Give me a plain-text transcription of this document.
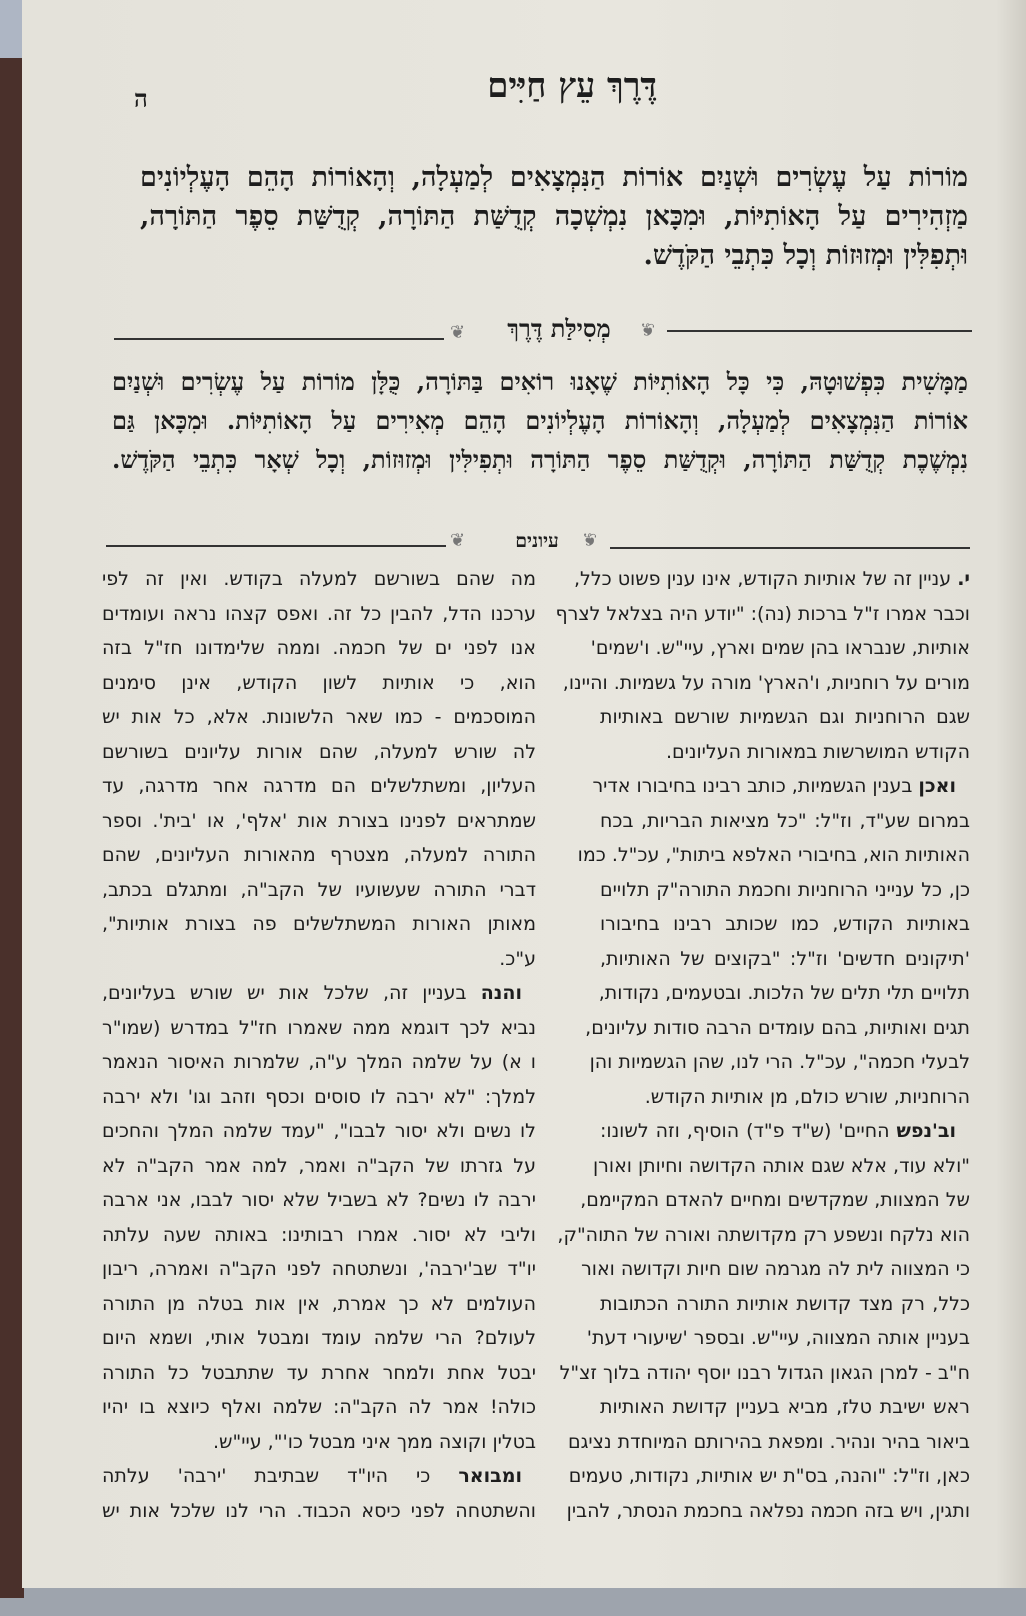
ה	דֶּרֶךְ עֵץ חַיִּים
מוֹרוֹת עַל עֶשְׂרִים וּשְׁנַיִם אוֹרוֹת הַנִּמְצָאִים לְמַעְלָה, וְהָאוֹרוֹת הָהֵם הָעֶלְיוֹנִים
מַזְהִירִים עַל הָאוֹתִיּוֹת, וּמִכָּאן נִמְשְׁכָה קְדֻשַּׁת הַתּוֹרָה, קְדֻשַּׁת סֵפֶר הַתּוֹרָה,
וּתְפִלִּין וּמְזוּזוֹת וְכָל כִּתְבֵי הַקֹּדֶשׁ.
❦	מְסִילַּת דֶּרֶךְ	❦
מַמָּשִׁית כִּפְשׁוּטָהּ, כִּי כָּל הָאוֹתִיּוֹת שֶׁאָנוּ רוֹאִים בַּתּוֹרָה, כֻּלָּן מוֹרוֹת עַל עֶשְׂרִים וּשְׁנַיִם
אוֹרוֹת הַנִּמְצָאִים לְמַעְלָה, וְהָאוֹרוֹת הָעֶלְיוֹנִים הָהֵם מְאִירִים עַל הָאוֹתִיּוֹת. וּמִכָּאן גַּם
נִמְשֶׁכֶת קְדֻשַּׁת הַתּוֹרָה, וּקְדֻשַּׁת סֵפֶר הַתּוֹרָה וּתְפִילִּין וּמְזוּזוֹת, וְכָל שְׁאָר כִּתְבֵי הַקֹּדֶשׁ.
❦	עיונים	❦
י. עניין זה של אותיות הקודש, אינו ענין פשוט כלל,
וכבר אמרו ז"ל ברכות (נה): "יודע היה בצלאל לצרף
אותיות, שנבראו בהן שמים וארץ, עיי"ש. ו'שמים'
מורים על רוחניות, ו'הארץ' מורה על גשמיות. והיינו,
שגם הרוחניות וגם הגשמיות שורשם באותיות
הקודש המושרשות במאורות העליונים.
ואכן בענין הגשמיות, כותב רבינו בחיבורו אדיר
במרום שע"ד, וז"ל: "כל מציאות הבריות, בכח
האותיות הוא, בחיבורי האלפא ביתות", עכ"ל. כמו
כן, כל ענייני הרוחניות וחכמת התורה"ק תלויים
באותיות הקודש, כמו שכותב רבינו בחיבורו
'תיקונים חדשים' וז"ל: "בקוצים של האותיות,
תלויים תלי תלים של הלכות. ובטעמים, נקודות,
תגים ואותיות, בהם עומדים הרבה סודות עליונים,
לבעלי חכמה", עכ"ל. הרי לנו, שהן הגשמיות והן
הרוחניות, שורש כולם, מן אותיות הקודש.
וב'נפש החיים' (ש"ד פ"ד) הוסיף, וזה לשונו:
"ולא עוד, אלא שגם אותה הקדושה וחיותן ואורן
של המצוות, שמקדשים ומחיים להאדם המקיימם,
הוא נלקח ונשפע רק מקדושתה ואורה של התוה"ק,
כי המצווה לית לה מגרמה שום חיות וקדושה ואור
כלל, רק מצד קדושת אותיות התורה הכתובות
בעניין אותה המצווה, עיי"ש. ובספר 'שיעורי דעת'
ח"ב - למרן הגאון הגדול רבנו יוסף יהודה בלוך זצ"ל
ראש ישיבת טלז, מביא בעניין קדושת האותיות
ביאור בהיר ונהיר. ומפאת בהירותם המיוחדת נציגם
כאן, וז"ל: "והנה, בס"ת יש אותיות, נקודות, טעמים
ותגין, ויש בזה חכמה נפלאה בחכמת הנסתר, להבין
מה שהם בשורשם למעלה בקודש. ואין זה לפי
ערכנו הדל, להבין כל זה. ואפס קצהו נראה ועומדים
אנו לפני ים של חכמה. וממה שלימדונו חז"ל בזה
הוא, כי אותיות לשון הקודש, אינן סימנים
המוסכמים - כמו שאר הלשונות. אלא, כל אות יש
לה שורש למעלה, שהם אורות עליונים בשורשם
העליון, ומשתלשלים הם מדרגה אחר מדרגה, עד
שמתראים לפנינו בצורת אות 'אלף', או 'בית'. וספר
התורה למעלה, מצטרף מהאורות העליונים, שהם
דברי התורה שעשועיו של הקב"ה, ומתגלם בכתב,
מאותן האורות המשתלשלים פה בצורת אותיות",
ע"כ.
והנה בעניין זה, שלכל אות יש שורש בעליונים,
נביא לכך דוגמא ממה שאמרו חז"ל במדרש (שמו"ר
ו א) על שלמה המלך ע"ה, שלמרות האיסור הנאמר
למלך: "לא ירבה לו סוסים וכסף וזהב וגו' ולא ירבה
לו נשים ולא יסור לבבו", "עמד שלמה המלך והחכים
על גזרתו של הקב"ה ואמר, למה אמר הקב"ה לא
ירבה לו נשים? לא בשביל שלא יסור לבבו, אני ארבה
וליבי לא יסור. אמרו רבותינו: באותה שעה עלתה
יו"ד שב'ירבה', ונשתטחה לפני הקב"ה ואמרה, ריבון
העולמים לא כך אמרת, אין אות בטלה מן התורה
לעולם? הרי שלמה עומד ומבטל אותי, ושמא היום
יבטל אחת ולמחר אחרת עד שתתבטל כל התורה
כולה! אמר לה הקב"ה: שלמה ואלף כיוצא בו יהיו
בטלין וקוצה ממך איני מבטל כו'", עיי"ש.
ומבואר כי היו"ד שבתיבת 'ירבה' עלתה
והשתטחה לפני כיסא הכבוד. הרי לנו שלכל אות יש
